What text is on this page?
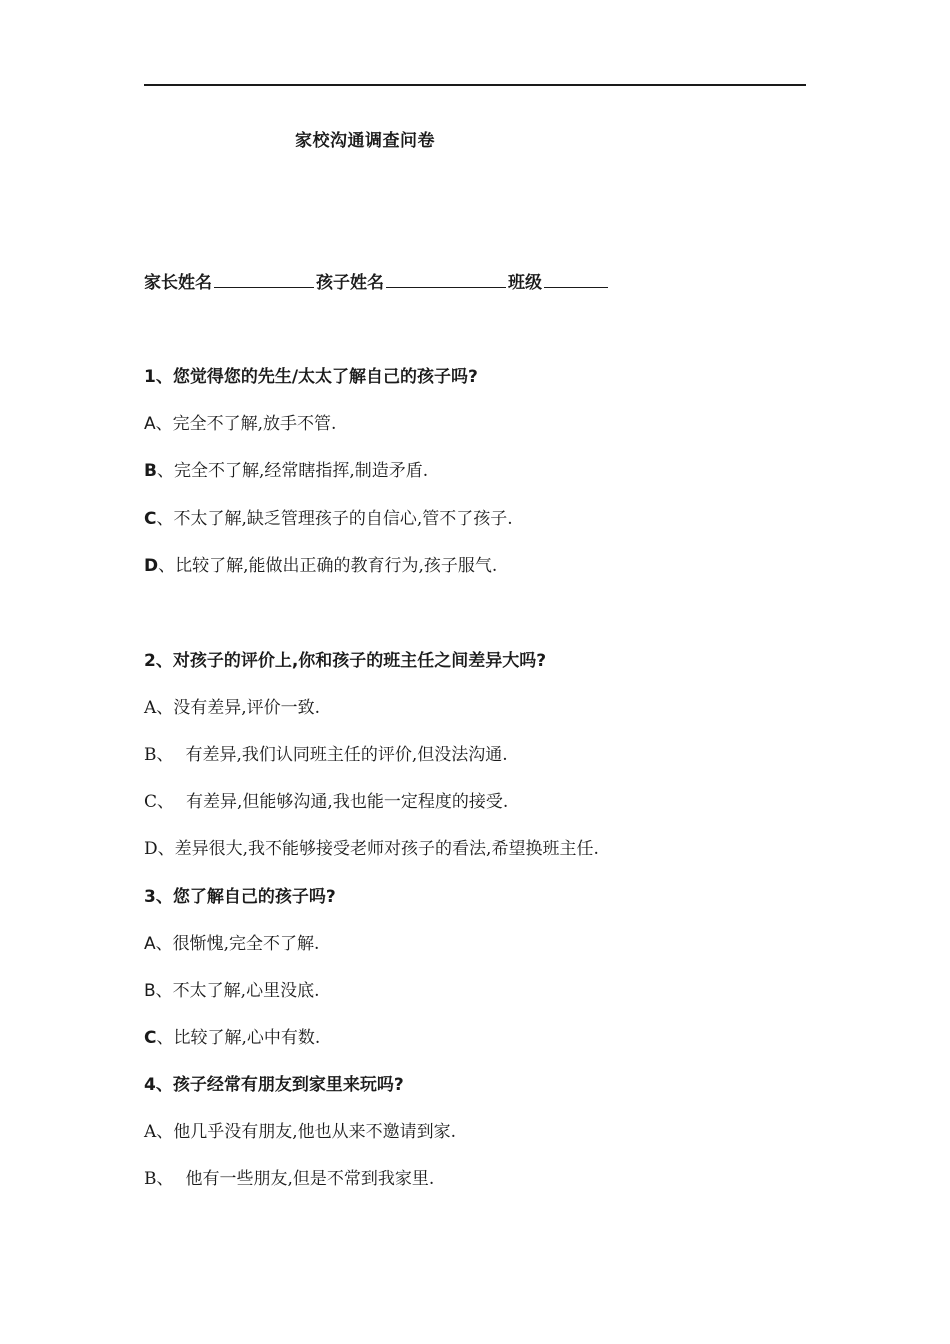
家校沟通调查问卷
家长姓名	孩子姓名	班级
1、您觉得您的先生/太太了解自己的孩子吗?
A、完全不了解,放手不管.
B、完全不了解,经常瞎指挥,制造矛盾.
C、不太了解,缺乏管理孩子的自信心,管不了孩子.
D、比较了解,能做出正确的教育行为,孩子服气.
2、对孩子的评价上,你和孩子的班主任之间差异大吗?
A、没有差异,评价一致.
B、 有差异,我们认同班主任的评价,但没法沟通.
C、 有差异,但能够沟通,我也能一定程度的接受.
D、差异很大,我不能够接受老师对孩子的看法,希望换班主任.
3、您了解自己的孩子吗?
A、很惭愧,完全不了解.
B、不太了解,心里没底.
C、比较了解,心中有数.
4、孩子经常有朋友到家里来玩吗?
A、他几乎没有朋友,他也从来不邀请到家.
B、 他有一些朋友,但是不常到我家里.
